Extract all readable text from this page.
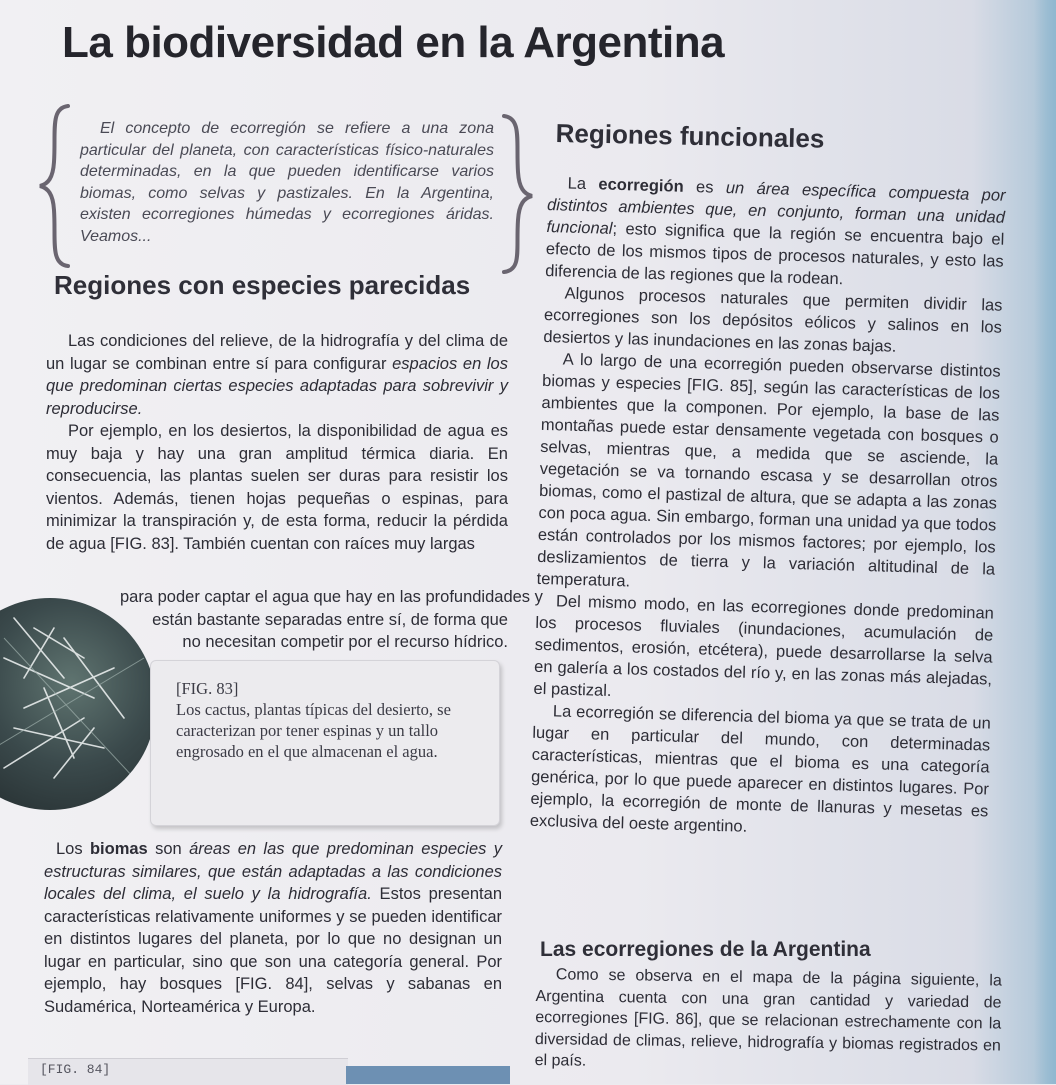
La biodiversidad en la Argentina

El concepto de ecorregión se refiere a una zona particular del planeta, con características físico-naturales determinadas, en la que pueden identificarse varios biomas, como selvas y pastizales. En la Argentina, existen ecorregiones húmedas y ecorregiones áridas. Veamos...

Regiones con especies parecidas

Las condiciones del relieve, de la hidrografía y del clima de un lugar se combinan entre sí para configurar espacios en los que predominan ciertas especies adaptadas para sobrevivir y reproducirse.

Por ejemplo, en los desiertos, la disponibilidad de agua es muy baja y hay una gran amplitud térmica diaria. En consecuencia, las plantas suelen ser duras para resistir los vientos. Además, tienen hojas pequeñas o espinas, para minimizar la transpiración y, de esta forma, reducir la pérdida de agua [FIG. 83]. También cuentan con raíces muy largas

para poder captar el agua que hay en las profundidades y
están bastante separadas entre sí, de forma que
no necesitan competir por el recurso hídrico.
[FIG. 83]
Los cactus, plantas típicas del desierto, se caracterizan por tener espinas y un tallo engrosado en el que almacenan el agua.

Los biomas son áreas en las que predominan especies y estructuras similares, que están adaptadas a las condiciones locales del clima, el suelo y la hidrografía. Estos presentan características relativamente uniformes y se pueden identificar en distintos lugares del planeta, por lo que no designan un lugar en particular, sino que son una categoría general. Por ejemplo, hay bosques [FIG. 84], selvas y sabanas en Sudamérica, Norteamérica y Europa.

[FIG. 84]
Regiones funcionales

La ecorregión es un área específica compuesta por distintos ambientes que, en conjunto, forman una unidad funcional; esto significa que la región se encuentra bajo el efecto de los mismos tipos de procesos naturales, y esto las diferencia de las regiones que la rodean.

Algunos procesos naturales que permiten dividir las ecorregiones son los depósitos eólicos y salinos en los desiertos y las inundaciones en las zonas bajas.

A lo largo de una ecorregión pueden observarse distintos biomas y especies [FIG. 85], según las características de los ambientes que la componen. Por ejemplo, la base de las montañas puede estar densamente vegetada con bosques o selvas, mientras que, a medida que se asciende, la vegetación se va tornando escasa y se desarrollan otros biomas, como el pastizal de altura, que se adapta a las zonas con poca agua. Sin embargo, forman una unidad ya que todos están controlados por los mismos factores; por ejemplo, los deslizamientos de tierra y la variación altitudinal de la temperatura.

Del mismo modo, en las ecorregiones donde predominan los procesos fluviales (inundaciones, acumulación de sedimentos, erosión, etcétera), puede desarrollarse la selva en galería a los costados del río y, en las zonas más alejadas, el pastizal.

La ecorregión se diferencia del bioma ya que se trata de un lugar en particular del mundo, con determinadas características, mientras que el bioma es una categoría genérica, por lo que puede aparecer en distintos lugares. Por ejemplo, la ecorregión de monte de llanuras y mesetas es exclusiva del oeste argentino.

Las ecorregiones de la Argentina

Como se observa en el mapa de la página siguiente, la Argentina cuenta con una gran cantidad y variedad de ecorregiones [FIG. 86], que se relacionan estrechamente con la diversidad de climas, relieve, hidrografía y biomas registrados en el país.
